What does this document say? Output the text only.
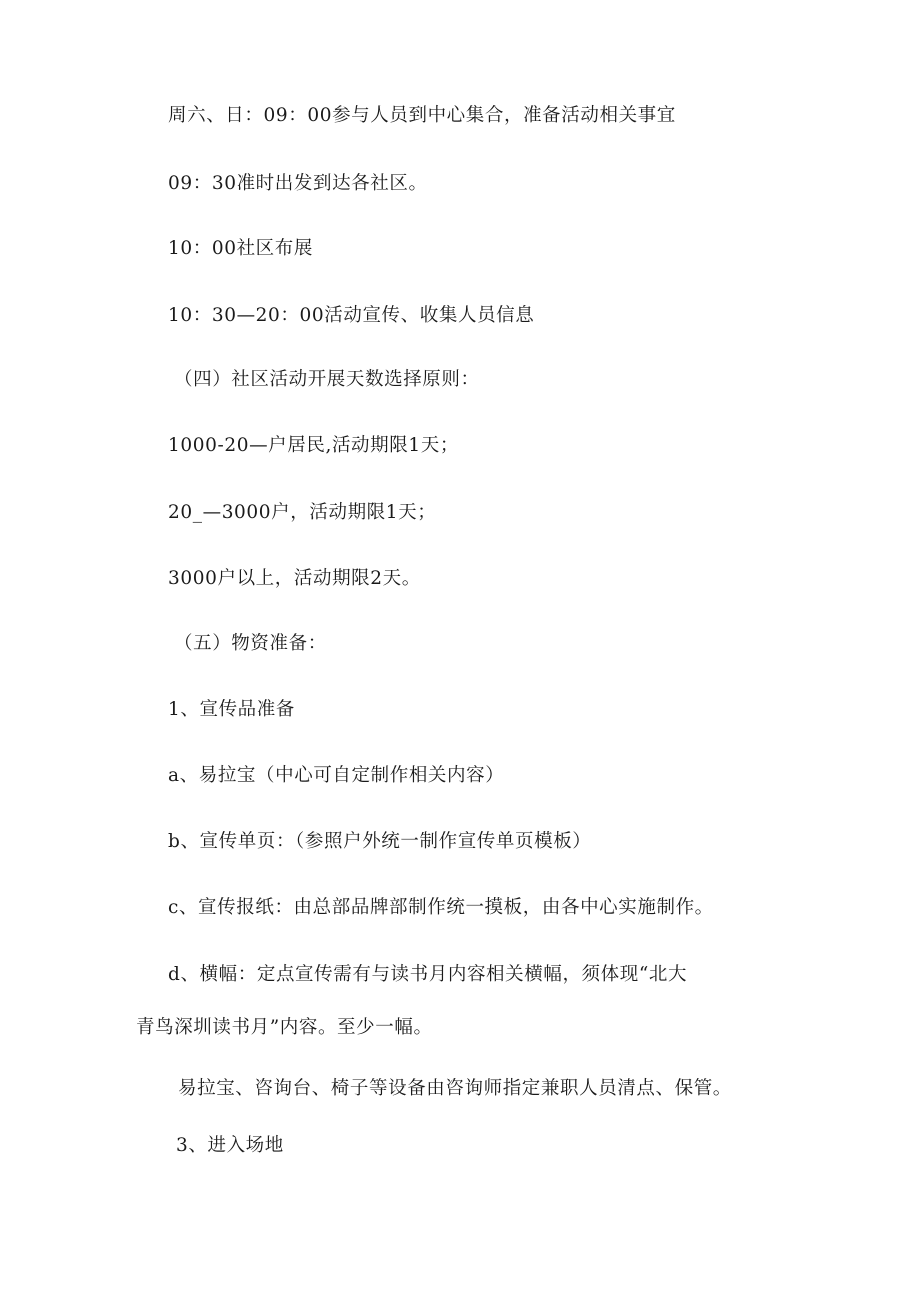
周六、日：09：00参与人员到中心集合，准备活动相关事宜
09：30准时出发到达各社区。
10：00社区布展
10：30—20：00活动宣传、收集人员信息
（四）社区活动开展天数选择原则：
1000-20—户居民,活动期限1天；
20_—3000户，活动期限1天；
3000户以上，活动期限2天。
（五）物资准备：
1、宣传品准备
a、易拉宝（中心可自定制作相关内容）
b、宣传单页：（参照户外统一制作宣传单页模板）
c、宣传报纸：由总部品牌部制作统一摸板，由各中心实施制作。
d、横幅：定点宣传需有与读书月内容相关横幅，须体现“北大
青鸟深圳读书月”内容。至少一幅。
易拉宝、咨询台、椅子等设备由咨询师指定兼职人员清点、保管。
3、进入场地
